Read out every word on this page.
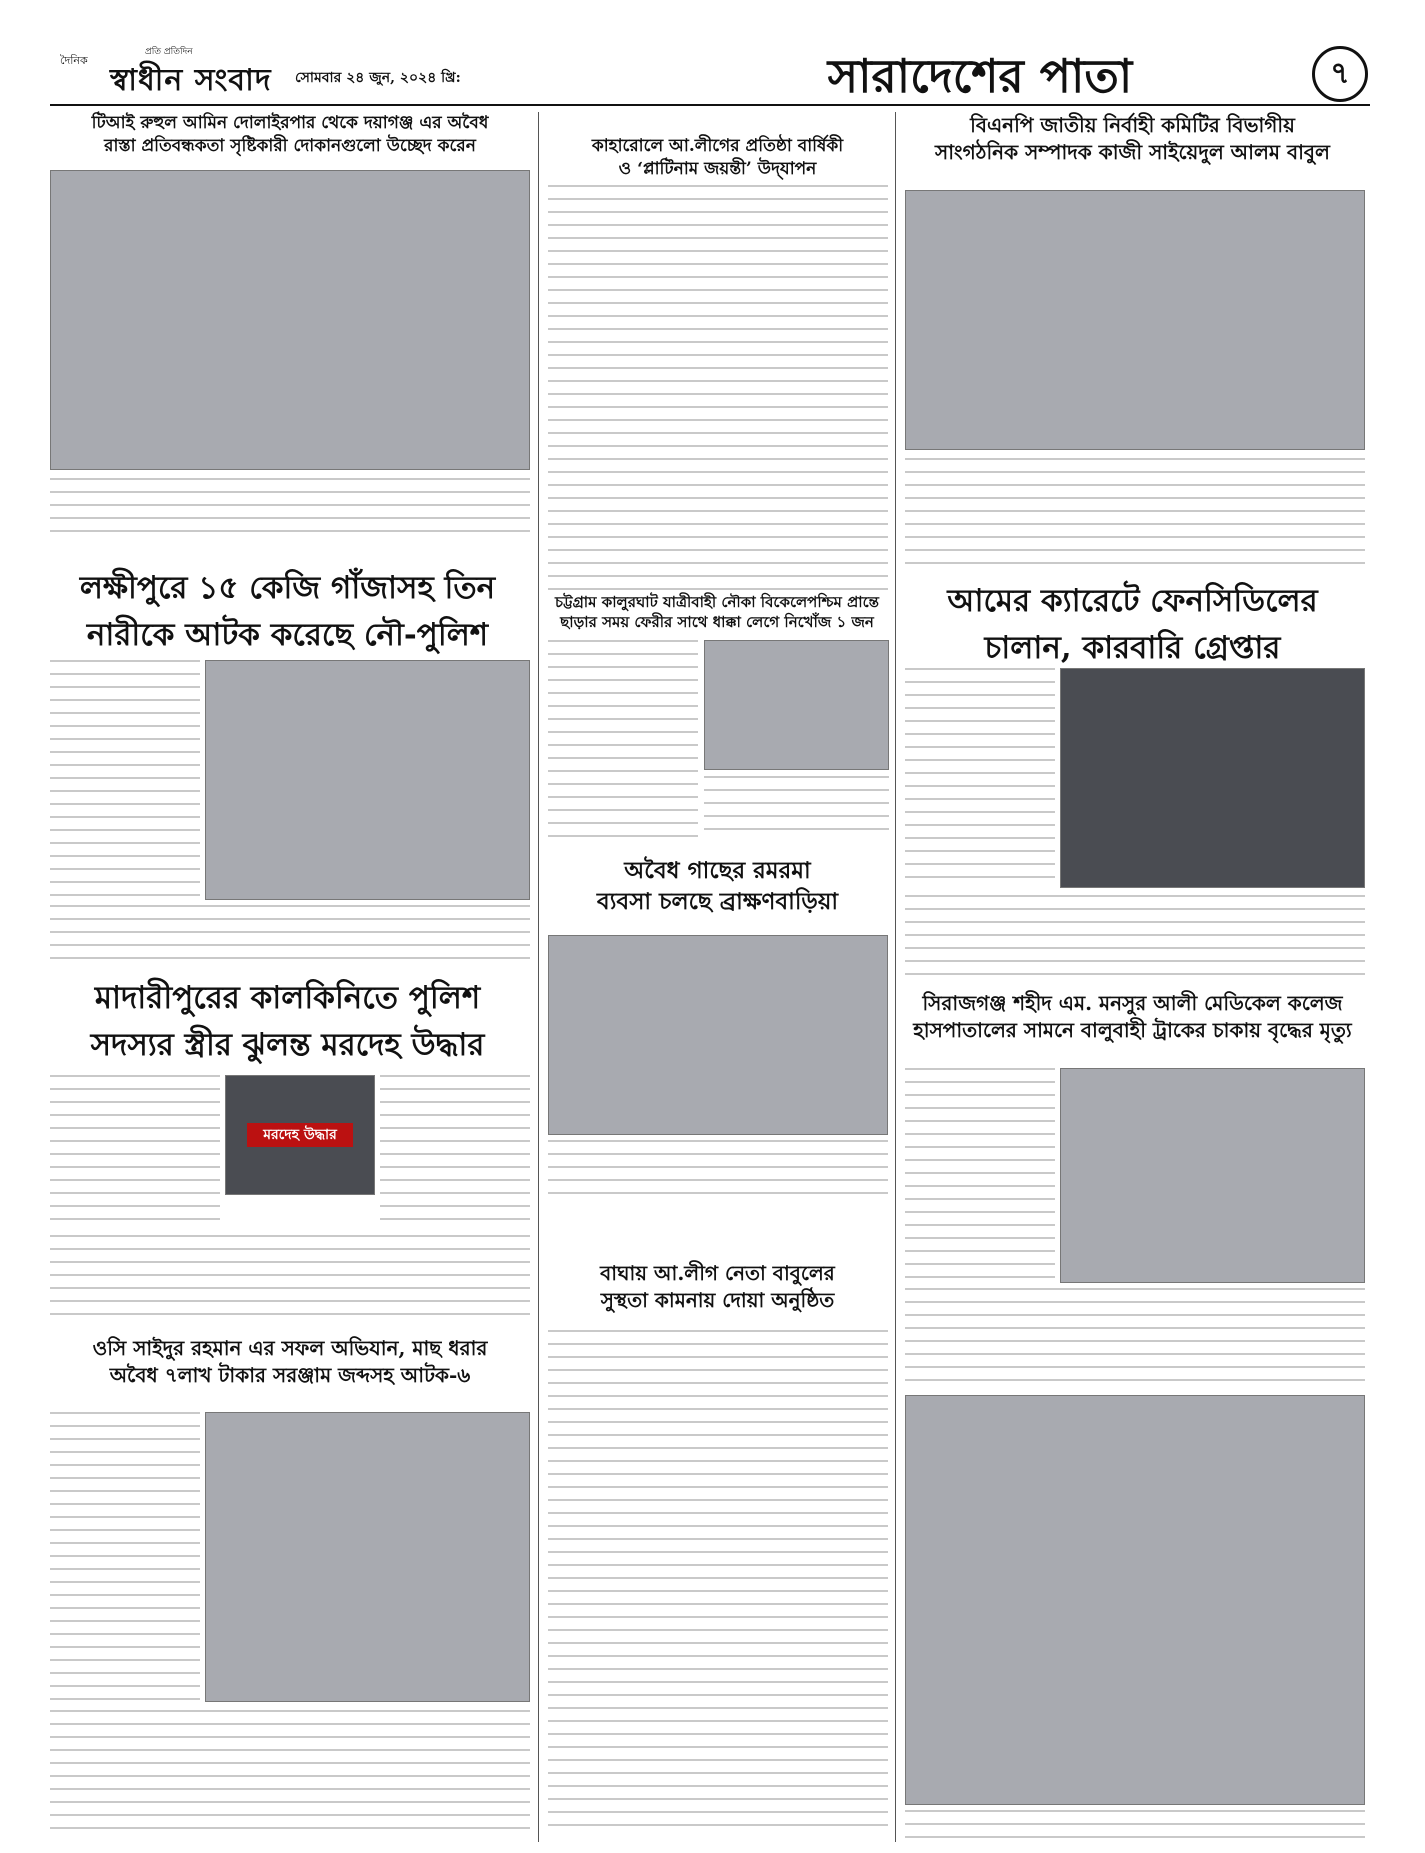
দৈনিক
প্রতি প্রতিদিন
স্বাধীন সংবাদ সোমবার ২৪ জুন, ২০২৪ খ্রি:	সারাদেশের পাতা	৭
টিআই রুহুল আমিন দোলাইরপার থেকে দয়াগঞ্জ এর অবৈধ
রাস্তা প্রতিবন্ধকতা সৃষ্টিকারী দোকানগুলো উচ্ছেদ করেন	কাহারোলে আ.লীগের প্রতিষ্ঠা বার্ষিকী
ও ‘প্লাটিনাম জয়ন্তী’ উদ্‌যাপন
বিএনপি জাতীয় নির্বাহী কমিটির বিভাগীয়
সাংগঠনিক সম্পাদক কাজী সাইয়েদুল আলম বাবুল
লক্ষীপুরে ১৫ কেজি গাঁজাসহ তিন
নারীকে আটক করেছে নৌ-পুলিশ
চট্টগ্রাম কালুরঘাট যাত্রীবাহী নৌকা বিকেলেপশ্চিম প্রান্তে
ছাড়ার সময় ফেরীর সাথে ধাক্কা লেগে নিখোঁজ ১ জন
আমের ক্যারেটে ফেনসিডিলের
চালান, কারবারি গ্রেপ্তার
অবৈধ গাছের রমরমা
ব্যবসা চলছে ব্রাক্ষণবাড়িয়া
মাদারীপুরের কালকিনিতে পুলিশ
সদস্যর স্ত্রীর ঝুলন্ত মরদেহ উদ্ধার
মরদেহ উদ্ধার
সিরাজগঞ্জ শহীদ এম. মনসুর আলী মেডিকেল কলেজ
হাসপাতালের সামনে বালুবাহী ট্রাকের চাকায় বৃদ্ধের মৃত্যু
বাঘায় আ.লীগ নেতা বাবুলের
সুস্থতা কামনায় দোয়া অনুষ্ঠিত
ওসি সাইদুর রহমান এর সফল অভিযান, মাছ ধরার
অবৈধ ৭লাখ টাকার সরঞ্জাম জব্দসহ আটক-৬
